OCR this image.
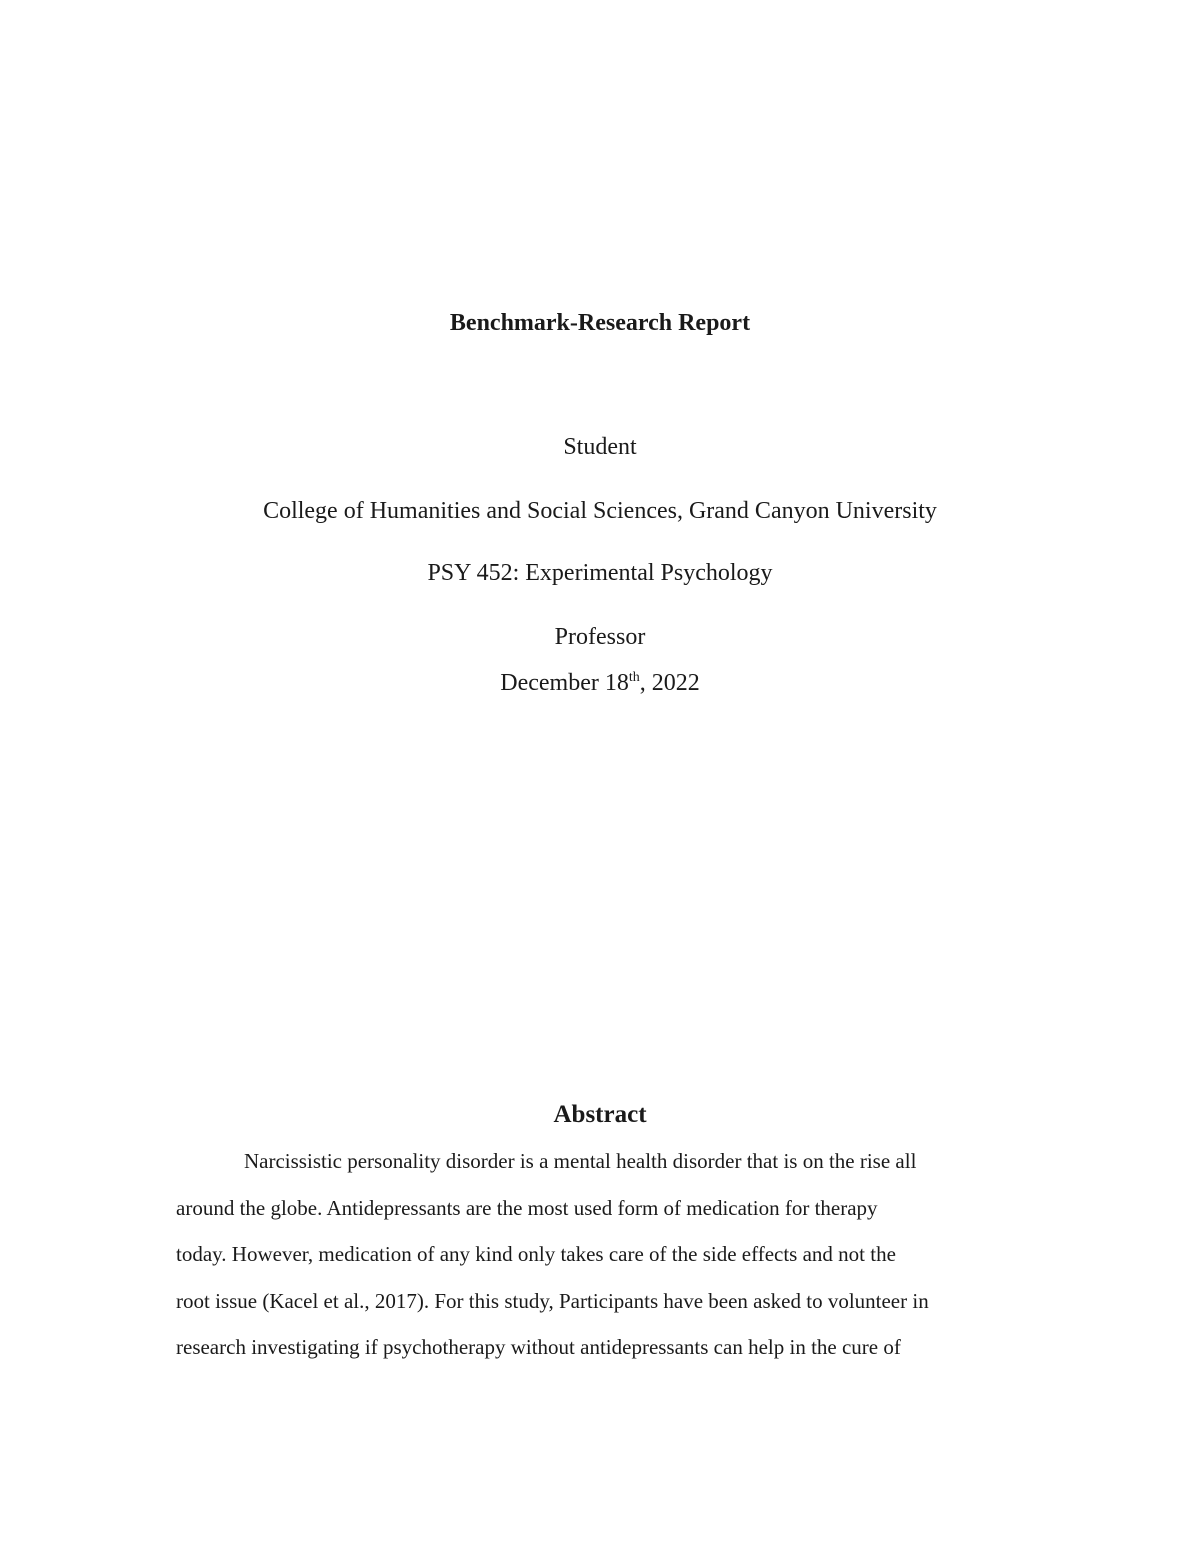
Benchmark-Research Report
Student
College of Humanities and Social Sciences, Grand Canyon University
PSY 452: Experimental Psychology
Professor
December 18th, 2022
Abstract
Narcissistic personality disorder is a mental health disorder that is on the rise all
around the globe. Antidepressants are the most used form of medication for therapy
today. However, medication of any kind only takes care of the side effects and not the
root issue (Kacel et al., 2017). For this study, Participants have been asked to volunteer in
research investigating if psychotherapy without antidepressants can help in the cure of
